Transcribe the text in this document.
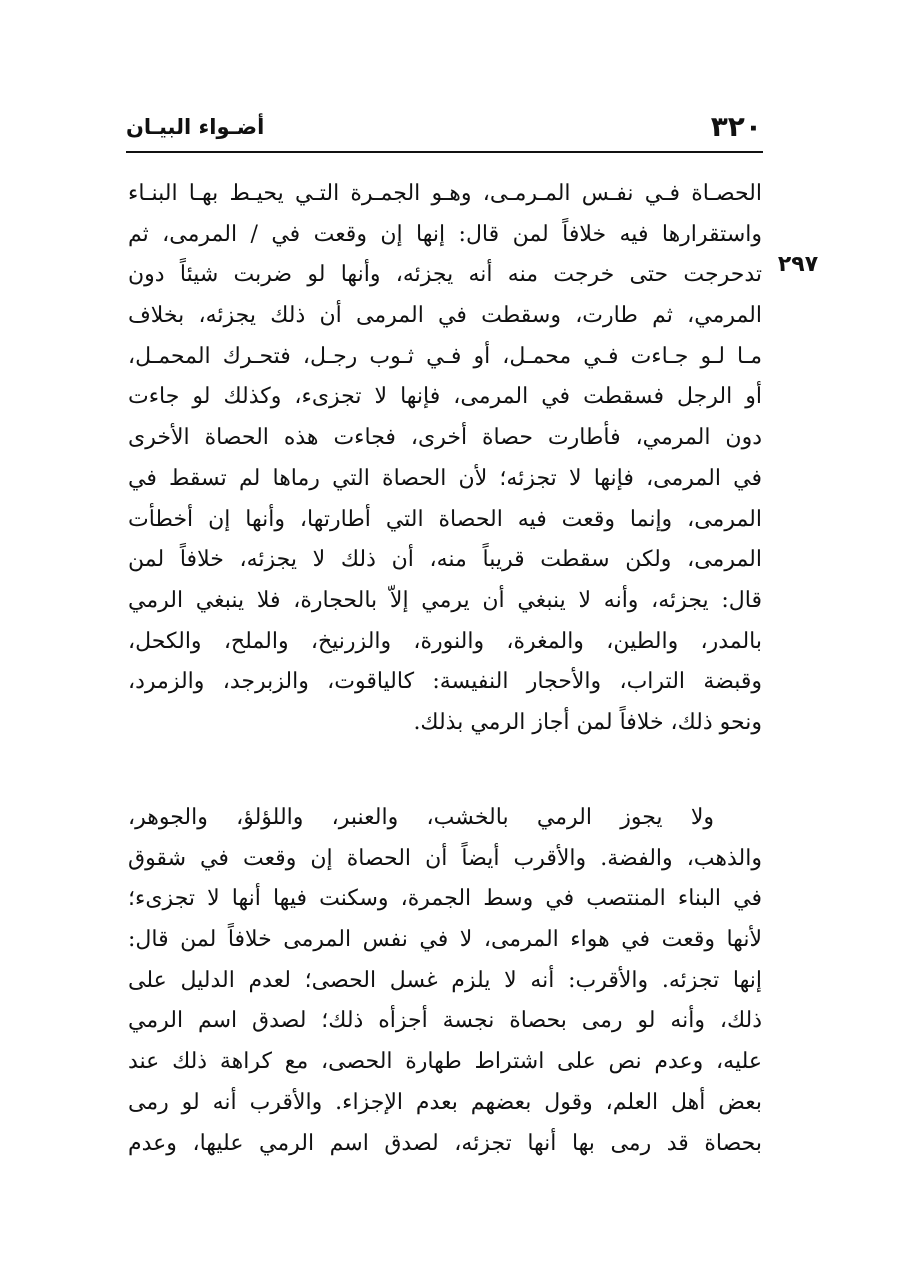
٣٢٠
أضـواء البيـان
٢٩٧
الحصـاة فـي نفـس المـرمـى، وهـو الجمـرة التـي يحيـط بهـا البنـاء
واستقرارها فيه خلافاً لمن قال: إنها إن وقعت في / المرمى، ثم
تدحرجت حتى خرجت منه أنه يجزئه، وأنها لو ضربت شيئاً دون
المرمي، ثم طارت، وسقطت في المرمى أن ذلك يجزئه، بخلاف
مـا لـو جـاءت فـي محمـل، أو فـي ثـوب رجـل، فتحـرك المحمـل،
أو الرجل فسقطت في المرمى، فإنها لا تجزىء، وكذلك لو جاءت
دون المرمي، فأطارت حصاة أخرى، فجاءت هذه الحصاة الأخرى
في المرمى، فإنها لا تجزئه؛ لأن الحصاة التي رماها لم تسقط في
المرمى، وإنما وقعت فيه الحصاة التي أطارتها، وأنها إن أخطأت
المرمى، ولكن سقطت قريباً منه، أن ذلك لا يجزئه، خلافاً لمن
قال: يجزئه، وأنه لا ينبغي أن يرمي إلاّ بالحجارة، فلا ينبغي الرمي
بالمدر، والطين، والمغرة، والنورة، والزرنيخ، والملح، والكحل،
وقبضة التراب، والأحجار النفيسة: كالياقوت، والزبرجد، والزمرد،
ونحو ذلك، خلافاً لمن أجاز الرمي بذلك.
ولا يجوز الرمي بالخشب، والعنبر، واللؤلؤ، والجوهر،
والذهب، والفضة. والأقرب أيضاً أن الحصاة إن وقعت في شقوق
في البناء المنتصب في وسط الجمرة، وسكنت فيها أنها لا تجزىء؛
لأنها وقعت في هواء المرمى، لا في نفس المرمى خلافاً لمن قال:
إنها تجزئه. والأقرب: أنه لا يلزم غسل الحصى؛ لعدم الدليل على
ذلك، وأنه لو رمى بحصاة نجسة أجزأه ذلك؛ لصدق اسم الرمي
عليه، وعدم نص على اشتراط طهارة الحصى، مع كراهة ذلك عند
بعض أهل العلم، وقول بعضهم بعدم الإجزاء. والأقرب أنه لو رمى
بحصاة قد رمى بها أنها تجزئه، لصدق اسم الرمي عليها، وعدم
